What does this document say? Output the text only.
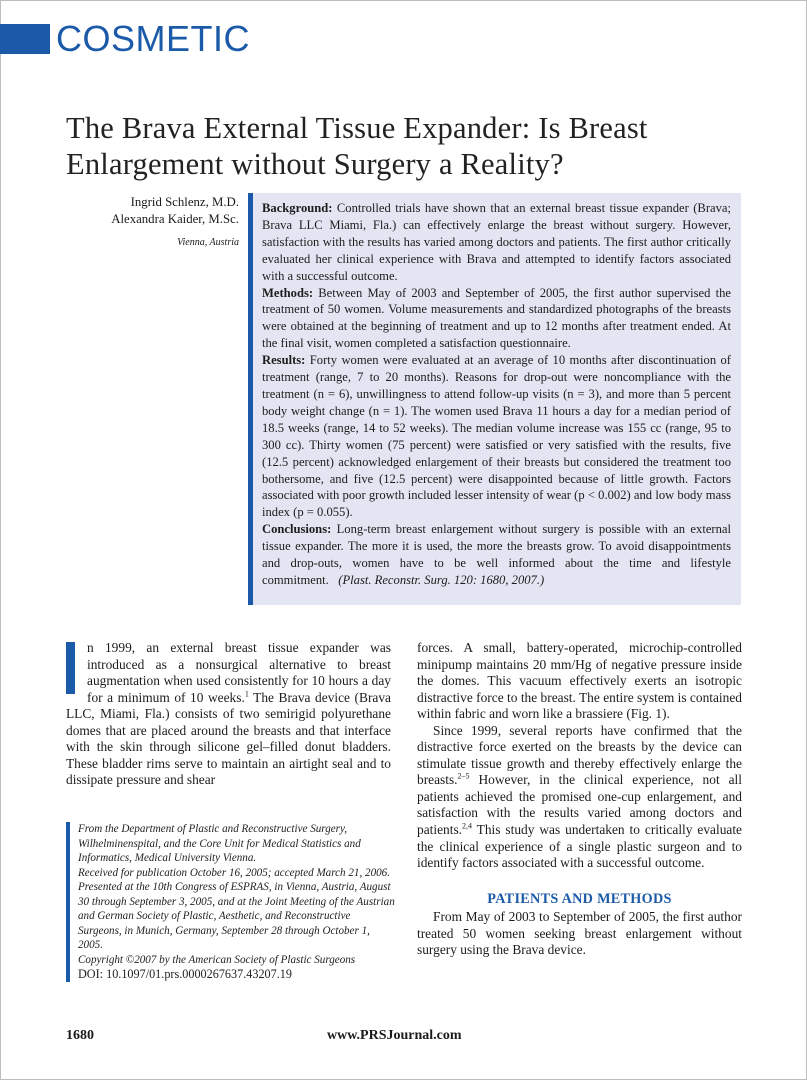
COSMETIC
The Brava External Tissue Expander: Is Breast
Enlargement without Surgery a Reality?
Ingrid Schlenz, M.D.
Alexandra Kaider, M.Sc.
Vienna, Austria

Background: Controlled trials have shown that an external breast tissue expander (Brava; Brava LLC Miami, Fla.) can effectively enlarge the breast without surgery. However, satisfaction with the results has varied among doctors and patients. The first author critically evaluated her clinical experience with Brava and attempted to identify factors associated with a successful outcome.

Methods: Between May of 2003 and September of 2005, the first author supervised the treatment of 50 women. Volume measurements and standardized photographs of the breasts were obtained at the beginning of treatment and up to 12 months after treatment ended. At the final visit, women completed a satisfaction questionnaire.

Results: Forty women were evaluated at an average of 10 months after discontinuation of treatment (range, 7 to 20 months). Reasons for drop-out were noncompliance with the treatment (n = 6), unwillingness to attend follow-up visits (n = 3), and more than 5 percent body weight change (n = 1). The women used Brava 11 hours a day for a median period of 18.5 weeks (range, 14 to 52 weeks). The median volume increase was 155 cc (range, 95 to 300 cc). Thirty women (75 percent) were satisfied or very satisfied with the results, five (12.5 percent) acknowledged enlargement of their breasts but considered the treatment too bothersome, and five (12.5 percent) were disappointed because of little growth. Factors associated with poor growth included lesser intensity of wear (p < 0.002) and low body mass index (p = 0.055).

Conclusions: Long-term breast enlargement without surgery is possible with an external tissue expander. The more it is used, the more the breasts grow. To avoid disappointments and drop-outs, women have to be well informed about the time and lifestyle commitment. (Plast. Reconstr. Surg. 120: 1680, 2007.)

n 1999, an external breast tissue expander was introduced as a nonsurgical alternative to breast augmentation when used consistently for 10 hours a day for a minimum of 10 weeks.$^1$ The Brava device (Brava LLC, Miami, Fla.) consists of two semirigid polyurethane domes that are placed around the breasts and that interface with the skin through silicone gel–filled donut bladders. These bladder rims serve to maintain an airtight seal and to dissipate pressure and shear

From the Department of Plastic and Reconstructive Surgery, Wilhelminenspital, and the Core Unit for Medical Statistics and Informatics, Medical University Vienna.

Received for publication October 16, 2005; accepted March 21, 2006.

Presented at the 10th Congress of ESPRAS, in Vienna, Austria, August 30 through September 3, 2005, and at the Joint Meeting of the Austrian and German Society of Plastic, Aesthetic, and Reconstructive Surgeons, in Munich, Germany, September 28 through October 1, 2005.

Copyright ©2007 by the American Society of Plastic Surgeons

DOI: 10.1097/01.prs.0000267637.43207.19

forces. A small, battery-operated, microchip-controlled minipump maintains 20 mm/Hg of negative pressure inside the domes. This vacuum effectively exerts an isotropic distractive force to the breast. The entire system is contained within fabric and worn like a brassiere (Fig. 1).

Since 1999, several reports have confirmed that the distractive force exerted on the breasts by the device can stimulate tissue growth and thereby effectively enlarge the breasts.$^{2-5}$ However, in the clinical experience, not all patients achieved the promised one-cup enlargement, and satisfaction with the results varied among doctors and patients.$^{2,4}$ This study was undertaken to critically evaluate the clinical experience of a single plastic surgeon and to identify factors associated with a successful outcome.

PATIENTS AND METHODS

From May of 2003 to September of 2005, the first author treated 50 women seeking breast enlargement without surgery using the Brava device.

1680	www.PRSJournal.com
